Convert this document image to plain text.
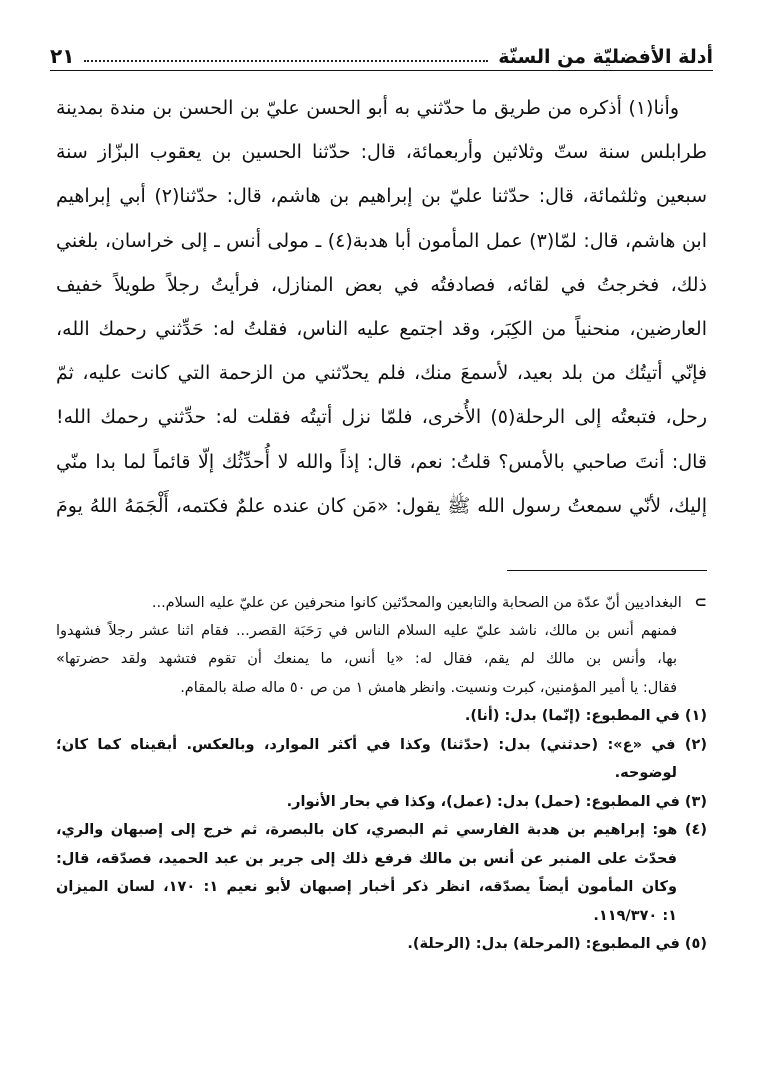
أدلة الأفضليّة من السنّة
٢١
وأنا(١) أذكره من طريق ما حدّثني به أبو الحسن عليّ بن الحسن بن مندة بمدينة
طرابلس سنة ستّ وثلاثين وأربعمائة، قال: حدّثنا الحسين بن يعقوب البزّاز سنة
سبعين وثلثمائة، قال: حدّثنا عليّ بن إبراهيم بن هاشم، قال: حدّثنا(٢) أبي إبراهيم
ابن هاشم، قال: لمّا(٣) عمل المأمون أبا هدبة(٤) ـ مولى أنس ـ إلى خراسان، بلغني
ذلك، فخرجتُ في لقائه، فصادفتُه في بعض المنازل، فرأيتُ رجلاً طويلاً خفيف
العارضين، منحنياً من الكِبَر، وقد اجتمع عليه الناس، فقلتُ له: حَدِّثني رحمك الله،
فإنّي أتيتُك من بلد بعيد، لأسمعَ منك، فلم يحدّثني من الزحمة التي كانت عليه، ثمّ
رحل، فتبعتُه إلى الرحلة(٥) الأُخرى، فلمّا نزل أتيتُه فقلت له: حدِّثني رحمك الله!
قال: أنتَ صاحبي بالأمس؟ قلتُ: نعم، قال: إذاً والله لا أُحدِّثُك إلّا قائماً لما بدا منّي
إليك، لأنّي سمعتُ رسول الله ﷺ يقول: «مَن كان عنده علمٌ فكتمه، أَلْجَمَهُ اللهُ يومَ
⊃ البغداديين أنّ عدّة من الصحابة والتابعين والمحدّثين كانوا منحرفين عن عليّ عليه السلام...
فمنهم أنس بن مالك، ناشد عليّ عليه السلام الناس في رَحَبَة القصر... فقام اثنا عشر رجلاً فشهدوا
بها، وأنس بن مالك لم يقم، فقال له: «يا أنس، ما يمنعك أن تقوم فتشهد ولقد حضرتها»
فقال: يا أمير المؤمنين، كبرت ونسيت. وانظر هامش ١ من ص ٥٠ ماله صلة بالمقام.
(١) في المطبوع: (إنّما) بدل: (أنا).
(٢) في «ع»: (حدثني) بدل: (حدّثنا) وكذا في أكثر الموارد، وبالعكس. أبقيناه كما كان؛
لوضوحه.
(٣) في المطبوع: (حمل) بدل: (عمل)، وكذا في بحار الأنوار.
(٤) هو: إبراهيم بن هدبة الفارسي ثم البصري، كان بالبصرة، ثم خرج إلى إصبهان والري،
فحدّث على المنبر عن أنس بن مالك فرفع ذلك إلى جرير بن عبد الحميد، فصدّقه، قال:
وكان المأمون أيضاً يصدّقه، انظر ذكر أخبار إصبهان لأبو نعيم ١: ١٧٠، لسان الميزان
١: ١١٩/٣٧٠.
(٥) في المطبوع: (المرحلة) بدل: (الرحلة).
